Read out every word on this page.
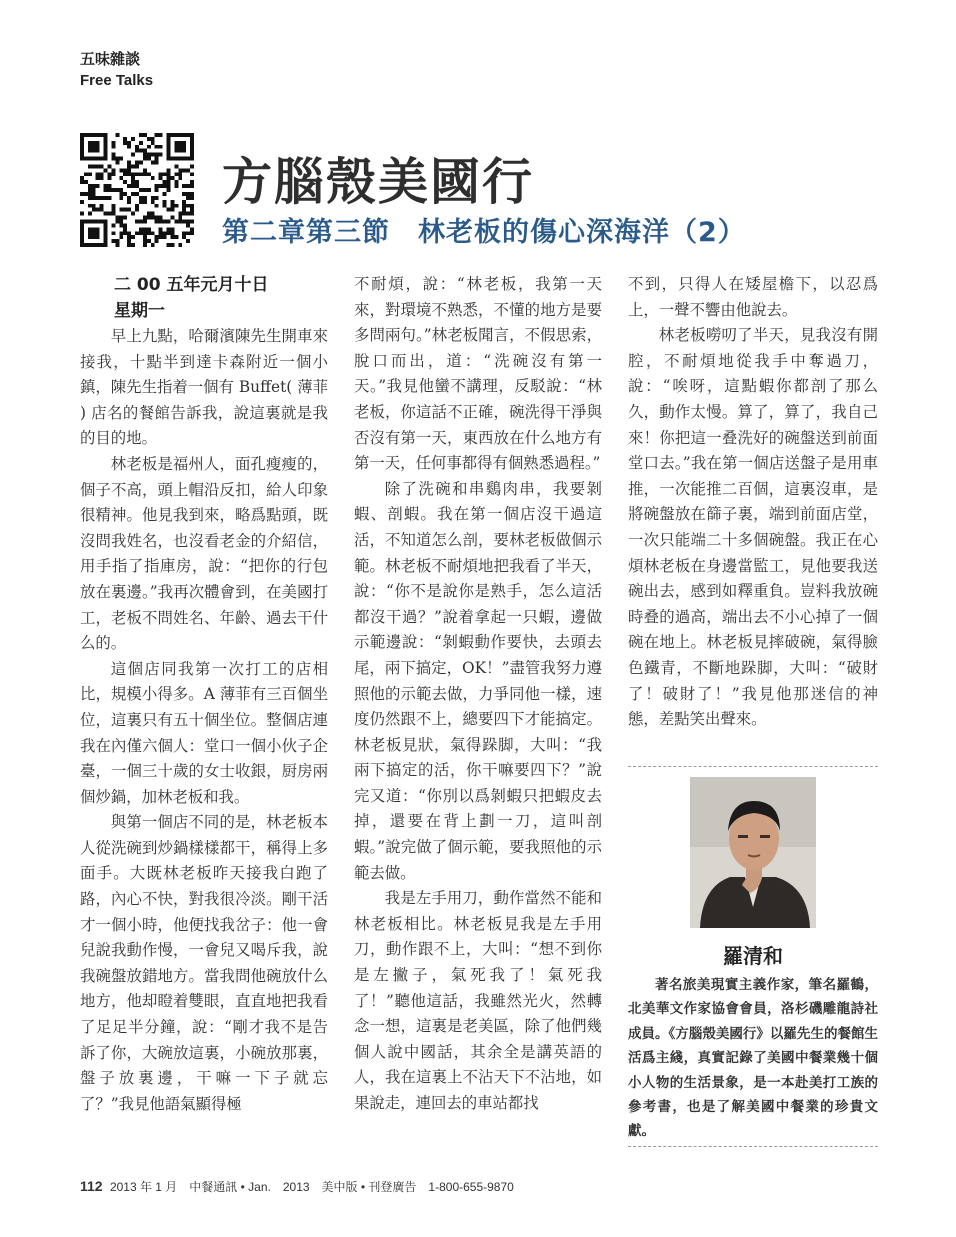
五味雜談
Free Talks
方腦殼美國行
第二章第三節　林老板的傷心深海洋（2）
二 00 五年元月十日
星期一

早上九點，哈爾濱陳先生開車來接我，十點半到達卡森附近一個小鎮，陳先生指着一個有 Buffet( 薄菲 ) 店名的餐館告訴我，說這裏就是我的目的地。

林老板是福州人，面孔瘦瘦的，個子不高，頭上帽沿反扣，給人印象很精神。他見我到來，略爲點頭，既沒問我姓名，也沒看老金的介紹信，用手指了指庫房，說：“把你的行包放在裏邊。”我再次體會到，在美國打工，老板不問姓名、年齡、過去干什么的。

這個店同我第一次打工的店相比，規模小得多。A 薄菲有三百個坐位，這裏只有五十個坐位。整個店連我在內僅六個人：堂口一個小伙子企臺，一個三十歲的女士收銀，厨房兩個炒鍋，加林老板和我。

與第一個店不同的是，林老板本人從洗碗到炒鍋樣樣都干，稱得上多面手。大既林老板昨天接我白跑了路，內心不快，對我很冷淡。剛干活才一個小時，他便找我岔子：他一會兒說我動作慢，一會兒又喝斥我，說我碗盤放錯地方。當我問他碗放什么地方，他却瞪着雙眼，直直地把我看了足足半分鐘，說：“剛才我不是告訴了你，大碗放這裏，小碗放那裏，盤子放裏邊，干嘛一下子就忘了？”我見他語氣顯得極

不耐煩，說：“林老板，我第一天來，對環境不熟悉，不懂的地方是要多問兩句。”林老板聞言，不假思索，脫口而出，道：“洗碗沒有第一天。”我見他蠻不講理，反駁說：“林老板，你這話不正確，碗洗得干淨與否沒有第一天，東西放在什么地方有第一天，任何事都得有個熟悉過程。”

除了洗碗和串鷄肉串，我要剝蝦、剖蝦。我在第一個店沒干過這活，不知道怎么剖，要林老板做個示範。林老板不耐煩地把我看了半天，說：“你不是說你是熟手，怎么這活都沒干過？”說着拿起一只蝦，邊做示範邊說：“剝蝦動作要快，去頭去尾，兩下搞定，OK！”盡管我努力遵照他的示範去做，力爭同他一樣，速度仍然跟不上，總要四下才能搞定。林老板見狀，氣得跺脚，大叫：“我兩下搞定的活，你干嘛要四下？”說完又道：“你別以爲剝蝦只把蝦皮去掉，還要在背上劃一刀，這叫剖蝦。”說完做了個示範，要我照他的示範去做。

我是左手用刀，動作當然不能和林老板相比。林老板見我是左手用刀，動作跟不上，大叫：“想不到你是左撇子，氣死我了！氣死我了！”聽他這話，我雖然光火，然轉念一想，這裏是老美區，除了他們幾個人說中國話，其余全是講英語的人，我在這裏上不沾天下不沾地，如果說走，連回去的車站都找

不到，只得人在矮屋檐下，以忍爲上，一聲不響由他說去。

林老板嘮叨了半天，見我沒有開腔，不耐煩地從我手中奪過刀，說：“唉呀，這點蝦你都剖了那么久，動作太慢。算了，算了，我自己來！你把這一叠洗好的碗盤送到前面堂口去。”我在第一個店送盤子是用車推，一次能推二百個，這裏沒車，是將碗盤放在篩子裏，端到前面店堂，一次只能端二十多個碗盤。我正在心煩林老板在身邊當監工，見他要我送碗出去，感到如釋重負。豈料我放碗時叠的過高，端出去不小心掉了一個碗在地上。林老板見摔破碗，氣得臉色鐵青，不斷地跺脚，大叫：“破財了！破財了！”我見他那迷信的神態，差點笑出聲來。

羅清和
著名旅美現實主義作家，筆名羅鶴，北美華文作家協會會員，洛杉磯雕龍詩社成員。《方腦殼美國行》以羅先生的餐館生活爲主綫，真實記錄了美國中餐業幾十個小人物的生活景象，是一本赴美打工族的參考書，也是了解美國中餐業的珍貴文獻。
112 2013 年 1 月　中餐通訊 • Jan.　2013　美中版 • 刊登廣告　1-800-655-9870
